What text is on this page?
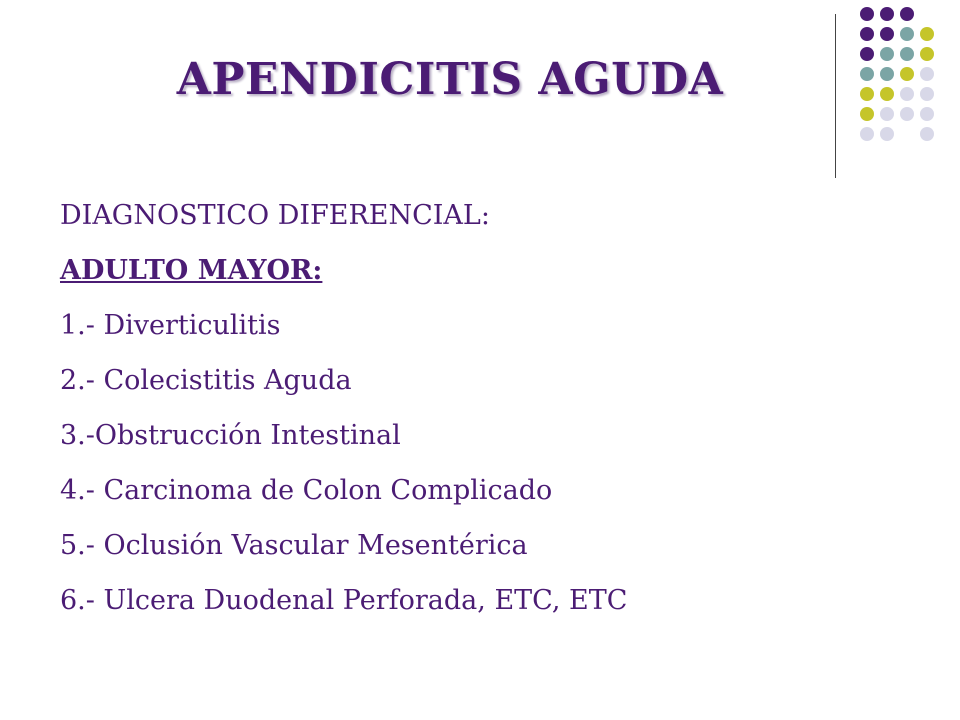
APENDICITIS AGUDA
DIAGNOSTICO DIFERENCIAL:
ADULTO MAYOR:
1.- Diverticulitis
2.- Colecistitis Aguda
3.-Obstrucción Intestinal
4.- Carcinoma de Colon Complicado
5.- Oclusión Vascular Mesentérica
6.- Ulcera Duodenal Perforada, ETC, ETC
